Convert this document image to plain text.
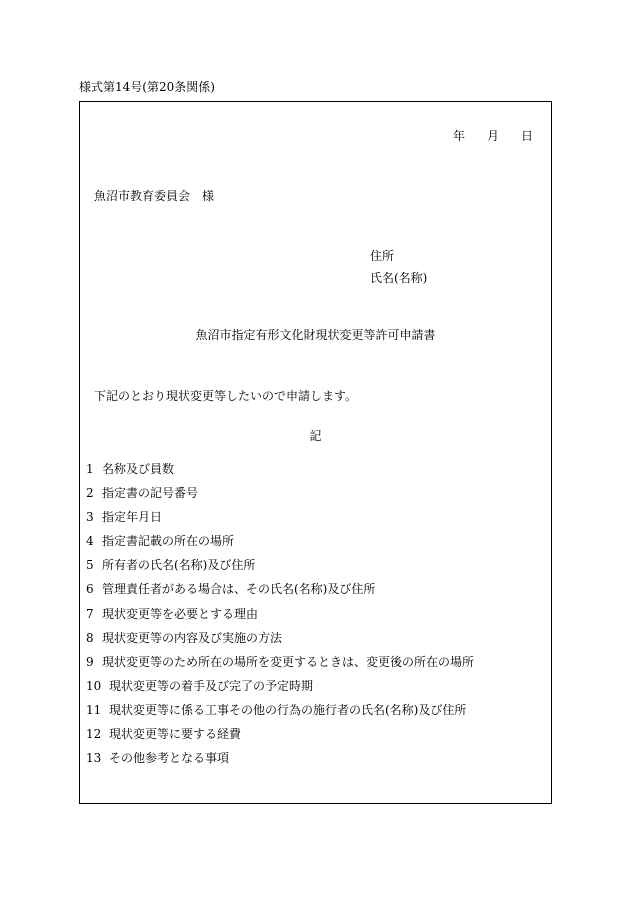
様式第14号(第20条関係)
年 月 日
魚沼市教育委員会　様
住所
氏名(名称)
魚沼市指定有形文化財現状変更等許可申請書
下記のとおり現状変更等したいので申請します。
記
1 名称及び員数
2 指定書の記号番号
3 指定年月日
4 指定書記載の所在の場所
5 所有者の氏名(名称)及び住所
6 管理責任者がある場合は、その氏名(名称)及び住所
7 現状変更等を必要とする理由
8 現状変更等の内容及び実施の方法
9 現状変更等のため所在の場所を変更するときは、変更後の所在の場所
10 現状変更等の着手及び完了の予定時期
11 現状変更等に係る工事その他の行為の施行者の氏名(名称)及び住所
12 現状変更等に要する経費
13 その他参考となる事項
